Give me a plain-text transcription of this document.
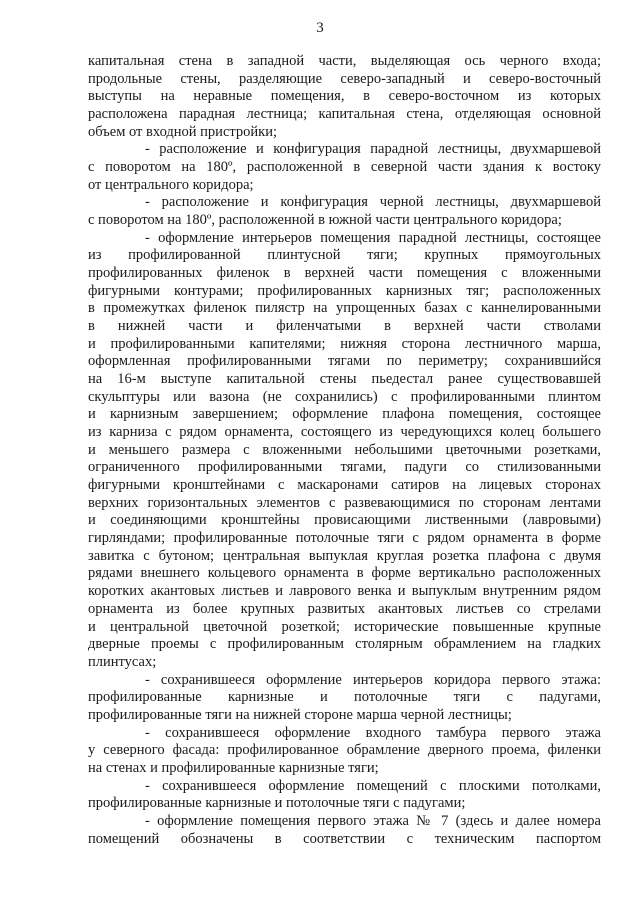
3
капитальная стена в западной части, выделяющая ось черного входа;
продольные стены, разделяющие северо-западный и северо-восточный
выступы на неравные помещения, в северо-восточном из которых
расположена парадная лестница; капитальная стена, отделяющая основной
объем от входной пристройки;
- расположение и конфигурация парадной лестницы, двухмаршевой
с поворотом на 180º, расположенной в северной части здания к востоку
от центрального коридора;
- расположение и конфигурация черной лестницы, двухмаршевой
с поворотом на 180º, расположенной в южной части центрального коридора;
- оформление интерьеров помещения парадной лестницы, состоящее
из профилированной плинтусной тяги; крупных прямоугольных
профилированных филенок в верхней части помещения с вложенными
фигурными контурами; профилированных карнизных тяг; расположенных
в промежутках филенок пилястр на упрощенных базах с каннелированными
в нижней части и филенчатыми в верхней части стволами
и профилированными капителями; нижняя сторона лестничного марша,
оформленная профилированными тягами по периметру; сохранившийся
на 16-м выступе капитальной стены пьедестал ранее существовавшей
скульптуры или вазона (не сохранились) с профилированными плинтом
и карнизным завершением; оформление плафона помещения, состоящее
из карниза с рядом орнамента, состоящего из чередующихся колец большего
и меньшего размера с вложенными небольшими цветочными розетками,
ограниченного профилированными тягами, падуги со стилизованными
фигурными кронштейнами с маскаронами сатиров на лицевых сторонах
верхних горизонтальных элементов с развевающимися по сторонам лентами
и соединяющими кронштейны провисающими лиственными (лавровыми)
гирляндами; профилированные потолочные тяги с рядом орнамента в форме
завитка с бутоном; центральная выпуклая круглая розетка плафона с двумя
рядами внешнего кольцевого орнамента в форме вертикально расположенных
коротких акантовых листьев и лаврового венка и выпуклым внутренним рядом
орнамента из более крупных развитых акантовых листьев со стрелами
и центральной цветочной розеткой; исторические повышенные крупные
дверные проемы с профилированным столярным обрамлением на гладких
плинтусах;
- сохранившееся оформление интерьеров коридора первого этажа:
профилированные карнизные и потолочные тяги с падугами,
профилированные тяги на нижней стороне марша черной лестницы;
- сохранившееся оформление входного тамбура первого этажа
у северного фасада: профилированное обрамление дверного проема, филенки
на стенах и профилированные карнизные тяги;
- сохранившееся оформление помещений с плоскими потолками,
профилированные карнизные и потолочные тяги с падугами;
- оформление помещения первого этажа № 7 (здесь и далее номера
помещений обозначены в соответствии с техническим паспортом
